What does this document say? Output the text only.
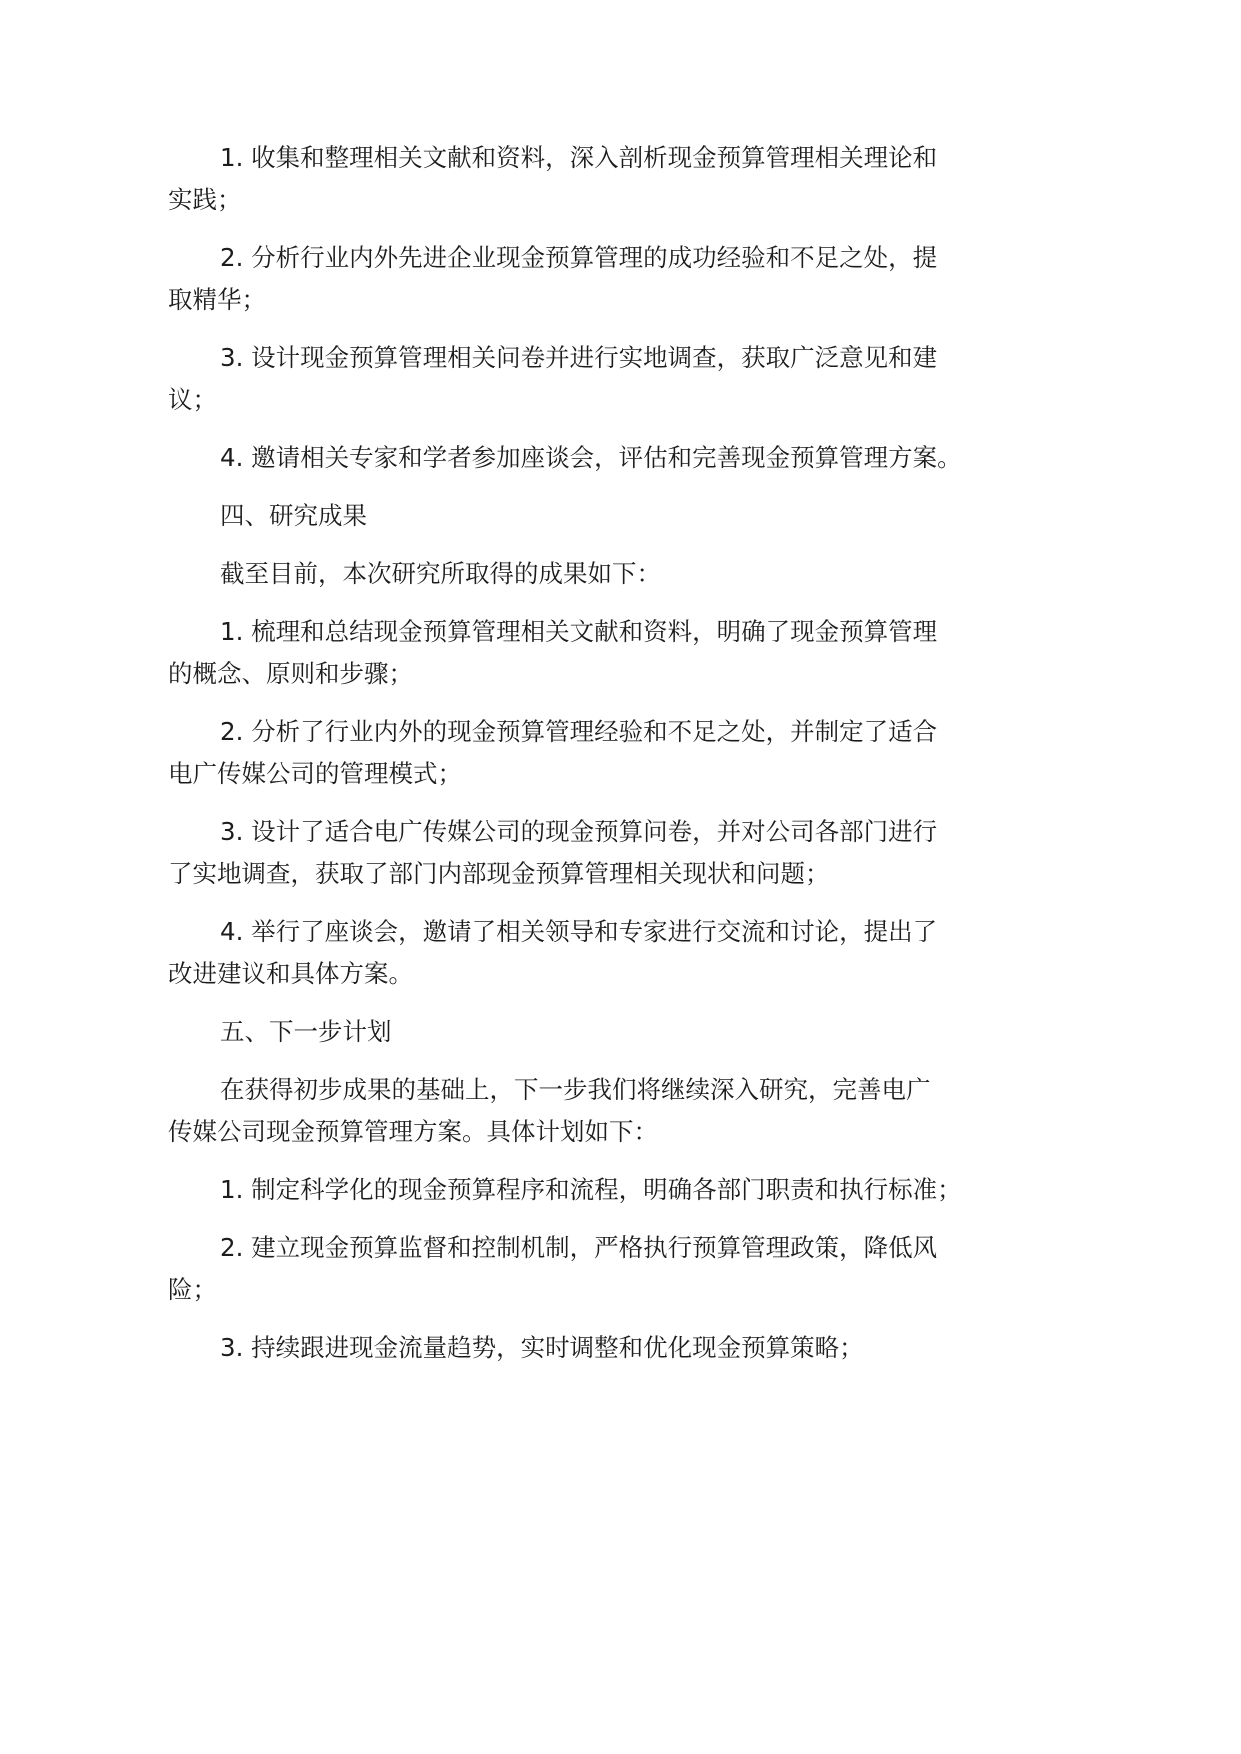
1. 收集和整理相关文献和资料，深入剖析现金预算管理相关理论和
实践；
2. 分析行业内外先进企业现金预算管理的成功经验和不足之处，提
取精华；
3. 设计现金预算管理相关问卷并进行实地调查，获取广泛意见和建
议；
4. 邀请相关专家和学者参加座谈会，评估和完善现金预算管理方案。
四、研究成果
截至目前，本次研究所取得的成果如下：
1. 梳理和总结现金预算管理相关文献和资料，明确了现金预算管理
的概念、原则和步骤；
2. 分析了行业内外的现金预算管理经验和不足之处，并制定了适合
电广传媒公司的管理模式；
3. 设计了适合电广传媒公司的现金预算问卷，并对公司各部门进行
了实地调查，获取了部门内部现金预算管理相关现状和问题；
4. 举行了座谈会，邀请了相关领导和专家进行交流和讨论，提出了
改进建议和具体方案。
五、下一步计划
在获得初步成果的基础上，下一步我们将继续深入研究，完善电广
传媒公司现金预算管理方案。具体计划如下：
1. 制定科学化的现金预算程序和流程，明确各部门职责和执行标准；
2. 建立现金预算监督和控制机制，严格执行预算管理政策，降低风
险；
3. 持续跟进现金流量趋势，实时调整和优化现金预算策略；
